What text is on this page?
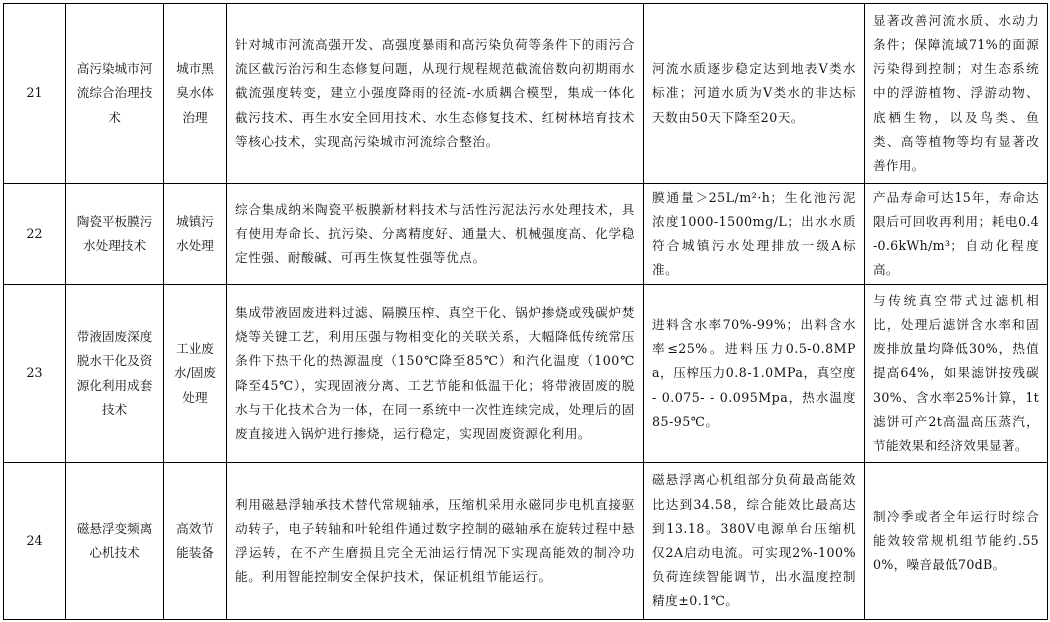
21	高污染城市河流综合治理技术	城市黑臭水体治理	针对城市河流高强开发、高强度暴雨和高污染负荷等条件下的雨污合流区截污治污和生态修复问题，从现行规程规范截流倍数向初期雨水截流强度转变，建立小强度降雨的径流-水质耦合模型，集成一体化截污技术、再生水安全回用技术、水生态修复技术、红树林培育技术等核心技术，实现高污染城市河流综合整治。	河流水质逐步稳定达到地表Ⅴ类水标准；河道水质为Ⅴ类水的非达标天数由50天下降至20天。	显著改善河流水质、水动力条件；保障流域71%的面源污染得到控制；对生态系统中的浮游植物、浮游动物、底栖生物，以及鸟类、鱼类、高等植物等均有显著改善作用。

22	陶瓷平板膜污水处理技术	城镇污水处理	综合集成纳米陶瓷平板膜新材料技术与活性污泥法污水处理技术，具有使用寿命长、抗污染、分离精度好、通量大、机械强度高、化学稳定性强、耐酸碱、可再生恢复性强等优点。	膜通量＞25L/m²·h；生化池污泥浓度1000-1500mg/L；出水水质符合城镇污水处理排放一级A标准。	产品寿命可达15年，寿命达限后可回收再利用；耗电0.4-0.6kWh/m³；自动化程度高。

23	带液固废深度脱水干化及资源化利用成套技术	工业废水/固废处理	集成带液固废进料过滤、隔膜压榨、真空干化、锅炉掺烧或残碳炉焚烧等关键工艺，利用压强与物相变化的关联关系，大幅降低传统常压条件下热干化的热源温度（150℃降至85℃）和汽化温度（100℃降至45℃），实现固液分离、工艺节能和低温干化；将带液固废的脱水与干化技术合为一体，在同一系统中一次性连续完成，处理后的固废直接进入锅炉进行掺烧，运行稳定，实现固废资源化利用。	进料含水率70%-99%；出料含水率≤25%。进料压力0.5-0.8MPa，压榨压力0.8-1.0MPa，真空度 - 0.075- - 0.095Mpa，热水温度85-95℃。	与传统真空带式过滤机相比，处理后滤饼含水率和固废排放量均降低30%，热值提高64%，如果滤饼按残碳30%、含水率25%计算，1t滤饼可产2t高温高压蒸汽，节能效果和经济效果显著。

24	磁悬浮变频离心机技术	高效节能装备	利用磁悬浮轴承技术替代常规轴承，压缩机采用永磁同步电机直接驱动转子，电子转轴和叶轮组件通过数字控制的磁轴承在旋转过程中悬浮运转，在不产生磨损且完全无油运行情况下实现高能效的制冷功能。利用智能控制安全保护技术，保证机组节能运行。	磁悬浮离心机组部分负荷最高能效比达到34.58，综合能效比最高达到13.18。380V电源单台压缩机仅2A启动电流。可实现2%-100%负荷连续智能调节，出水温度控制精度±0.1℃。	制冷季或者全年运行时综合能效较常规机组节能约.550%，噪音最低70dB。
